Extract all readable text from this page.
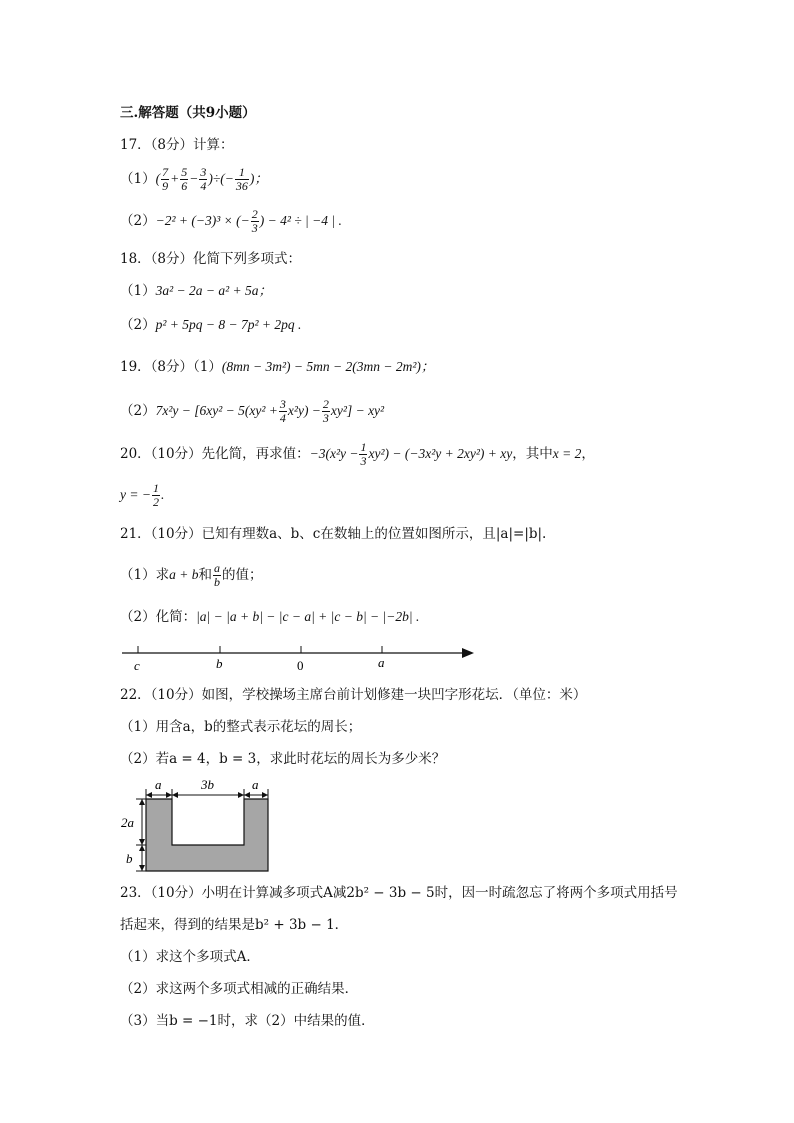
三.解答题（共9小题）
17．（8分）计算：
$(1)( \frac{7}{9} + \frac{5}{6} - \frac{3}{4}$ )÷(− $\frac{1}{36}$ )；
（2）−2² + (−3)³ × (− $\frac{2}{3}$ ) − 4² ÷ | −4 | .
18．（8分）化简下列多项式：
（1）3a² − 2a − a² + 5a；
（2）p² + 5pq − 8 − 7p² + 2pq .
19．（8分）（1）(8mn − 3m²) − 5mn − 2(3mn − 2m²)；
$(2)7x^2y - [6xy^2 - 5(xy^2 + \frac{3}{4} x^2y) - \frac{2}{3} xy^2] - xy^2$
20．（10分）先化简，再求值：$-3(x^2y - \frac{1}{3} xy^2) - (-3x^2y + 2xy^2)$ + xy，其中x = 2，
y = − $\frac{1}{2}$ .
21．（10分）已知有理数a、b、c在数轴上的位置如图所示，且|a|=|b|.
（1）求a + b和 $\frac{a}{b}$ 的值；
（2）化简：|a| − |a + b| − |c − a| + |c − b| − |−2b| .
c	b	0	a
22．（10分）如图，学校操场主席台前计划修建一块凹字形花坛．（单位：米）
（1）用含a，b的整式表示花坛的周长；
（2）若a = 4，b = 3，求此时花坛的周长为多少米？
a	3b	a
2a
b
23．（10分）小明在计算减多项式A减2b² − 3b − 5时，因一时疏忽忘了将两个多项式用括号
括起来，得到的结果是b² + 3b − 1．
（1）求这个多项式A．
（2）求这两个多项式相减的正确结果．
（3）当b = −1时，求（2）中结果的值．
